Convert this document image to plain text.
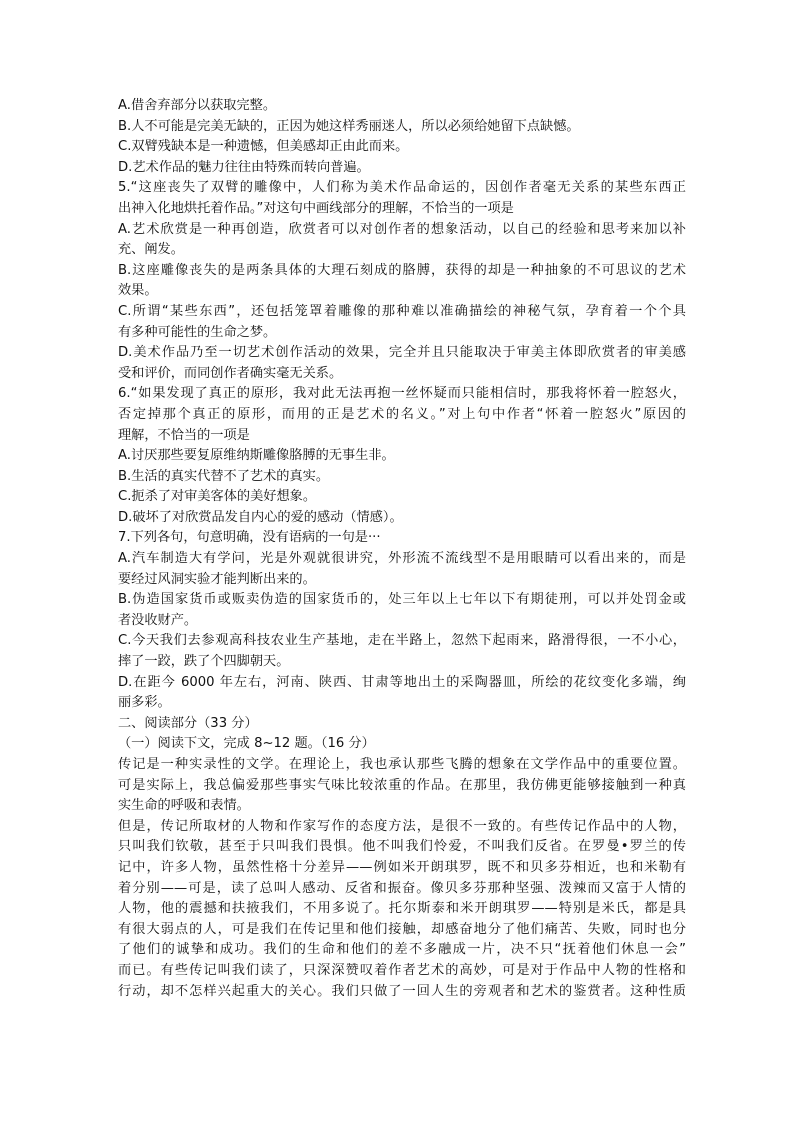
A.借舍弃部分以获取完整。
B.人不可能是完美无缺的，正因为她这样秀丽迷人，所以必须给她留下点缺憾。
C.双臂残缺本是一种遗憾，但美感却正由此而来。
D.艺术作品的魅力往往由特殊而转向普遍。
5.“这座丧失了双臂的雕像中，人们称为美术作品命运的，因创作者毫无关系的某些东西正
出神入化地烘托着作品。”对这句中画线部分的理解，不恰当的一项是
A.艺术欣赏是一种再创造，欣赏者可以对创作者的想象活动，以自己的经验和思考来加以补
充、阐发。
B.这座雕像丧失的是两条具体的大理石刻成的胳膊，获得的却是一种抽象的不可思议的艺术
效果。
C.所谓“某些东西”，还包括笼罩着雕像的那种难以准确描绘的神秘气氛，孕育着一个个具
有多种可能性的生命之梦。
D.美术作品乃至一切艺术创作活动的效果，完全并且只能取决于审美主体即欣赏者的审美感
受和评价，而同创作者确实毫无关系。
6.“如果发现了真正的原形，我对此无法再抱一丝怀疑而只能相信时，那我将怀着一腔怒火，
否定掉那个真正的原形，而用的正是艺术的名义。”对上句中作者“怀着一腔怒火”原因的
理解，不恰当的一项是
A.讨厌那些要复原维纳斯雕像胳膊的无事生非。
B.生活的真实代替不了艺术的真实。
C.扼杀了对审美客体的美好想象。
D.破坏了对欣赏品发自内心的爱的感动（情感）。
7.下列各句，句意明确，没有语病的一句是···
A.汽车制造大有学问，光是外观就很讲究，外形流不流线型不是用眼睛可以看出来的，而是
要经过风洞实验才能判断出来的。
B.伪造国家货币或贩卖伪造的国家货币的，处三年以上七年以下有期徒刑，可以并处罚金或
者没收财产。
C.今天我们去参观高科技农业生产基地，走在半路上，忽然下起雨来，路滑得很，一不小心，
摔了一跤，跌了个四脚朝天。
D.在距今 6000 年左右，河南、陕西、甘肃等地出土的采陶器皿，所绘的花纹变化多端，绚
丽多彩。
二、阅读部分（33 分）
（一）阅读下文，完成 8~12 题。（16 分）
传记是一种实录性的文学。在理论上，我也承认那些飞腾的想象在文学作品中的重要位置。
可是实际上，我总偏爱那些事实气味比较浓重的作品。在那里，我仿佛更能够接触到一种真
实生命的呼吸和表情。
但是，传记所取材的人物和作家写作的态度方法，是很不一致的。有些传记作品中的人物，
只叫我们钦敬，甚至于只叫我们畏惧。他不叫我们怜爱，不叫我们反省。在罗曼•罗兰的传
记中，许多人物，虽然性格十分差异——例如米开朗琪罗，既不和贝多芬相近，也和米勒有
着分别——可是，读了总叫人感动、反省和振奋。像贝多芬那种坚强、泼辣而又富于人情的
人物，他的震撼和扶掖我们，不用多说了。托尔斯泰和米开朗琪罗——特别是米氏，都是具
有很大弱点的人，可是我们在传记里和他们接触，却感奋地分了他们痛苦、失败，同时也分
了他们的诚挚和成功。我们的生命和他们的差不多融成一片，决不只“抚着他们休息一会”
而已。有些传记叫我们读了，只深深赞叹着作者艺术的高妙，可是对于作品中人物的性格和
行动，却不怎样兴起重大的关心。我们只做了一回人生的旁观者和艺术的鉴赏者。这种性质
